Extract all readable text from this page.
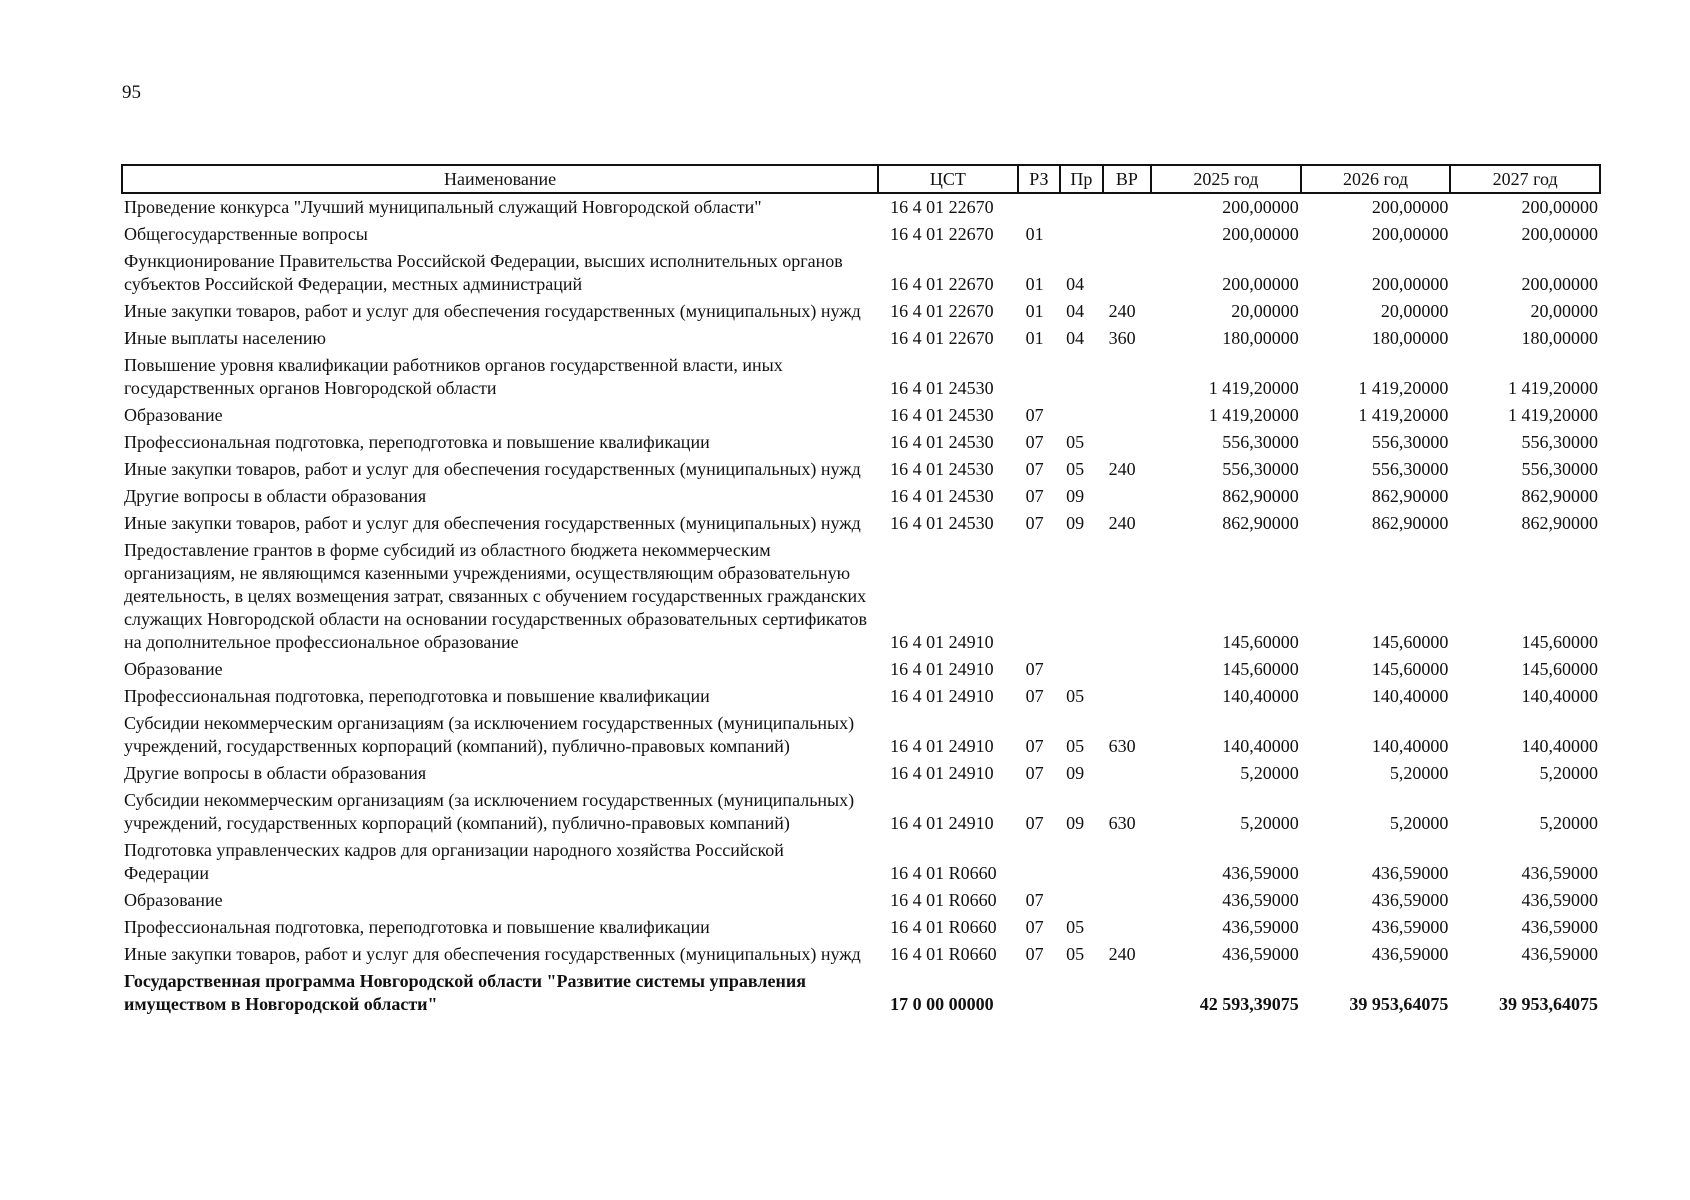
95
Наименование	ЦСТ	РЗ	Пр	ВР	2025 год	2026 год	2027 год
Проведение конкурса "Лучший муниципальный служащий Новгородской области"	16 4 01 22670				200,00000	200,00000	200,00000
Общегосударственные вопросы	16 4 01 22670	01			200,00000	200,00000	200,00000
Функционирование Правительства Российской Федерации, высших исполнительных органов субъектов Российской Федерации, местных администраций	16 4 01 22670	01	04		200,00000	200,00000	200,00000
Иные закупки товаров, работ и услуг для обеспечения государственных (муниципальных) нужд	16 4 01 22670	01	04	240	20,00000	20,00000	20,00000
Иные выплаты населению	16 4 01 22670	01	04	360	180,00000	180,00000	180,00000
Повышение уровня квалификации работников органов государственной власти, иных государственных органов Новгородской области	16 4 01 24530				1 419,20000	1 419,20000	1 419,20000
Образование	16 4 01 24530	07			1 419,20000	1 419,20000	1 419,20000
Профессиональная подготовка, переподготовка и повышение квалификации	16 4 01 24530	07	05		556,30000	556,30000	556,30000
Иные закупки товаров, работ и услуг для обеспечения государственных (муниципальных) нужд	16 4 01 24530	07	05	240	556,30000	556,30000	556,30000
Другие вопросы в области образования	16 4 01 24530	07	09		862,90000	862,90000	862,90000
Иные закупки товаров, работ и услуг для обеспечения государственных (муниципальных) нужд	16 4 01 24530	07	09	240	862,90000	862,90000	862,90000
Предоставление грантов в форме субсидий из областного бюджета некоммерческим организациям, не являющимся казенными учреждениями, осуществляющим образовательную деятельность, в целях возмещения затрат, связанных с обучением государственных гражданских служащих Новгородской области на основании государственных образовательных сертификатов на дополнительное профессиональное образование	16 4 01 24910				145,60000	145,60000	145,60000
Образование	16 4 01 24910	07			145,60000	145,60000	145,60000
Профессиональная подготовка, переподготовка и повышение квалификации	16 4 01 24910	07	05		140,40000	140,40000	140,40000
Субсидии некоммерческим организациям (за исключением государственных (муниципальных) учреждений, государственных корпораций (компаний), публично-правовых компаний)	16 4 01 24910	07	05	630	140,40000	140,40000	140,40000
Другие вопросы в области образования	16 4 01 24910	07	09		5,20000	5,20000	5,20000
Субсидии некоммерческим организациям (за исключением государственных (муниципальных) учреждений, государственных корпораций (компаний), публично-правовых компаний)	16 4 01 24910	07	09	630	5,20000	5,20000	5,20000
Подготовка управленческих кадров для организации народного хозяйства Российской Федерации	16 4 01 R0660				436,59000	436,59000	436,59000
Образование	16 4 01 R0660	07			436,59000	436,59000	436,59000
Профессиональная подготовка, переподготовка и повышение квалификации	16 4 01 R0660	07	05		436,59000	436,59000	436,59000
Иные закупки товаров, работ и услуг для обеспечения государственных (муниципальных) нужд	16 4 01 R0660	07	05	240	436,59000	436,59000	436,59000
Государственная программа Новгородской области "Развитие системы управления имуществом в Новгородской области"	17 0 00 00000				42 593,39075	39 953,64075	39 953,64075
